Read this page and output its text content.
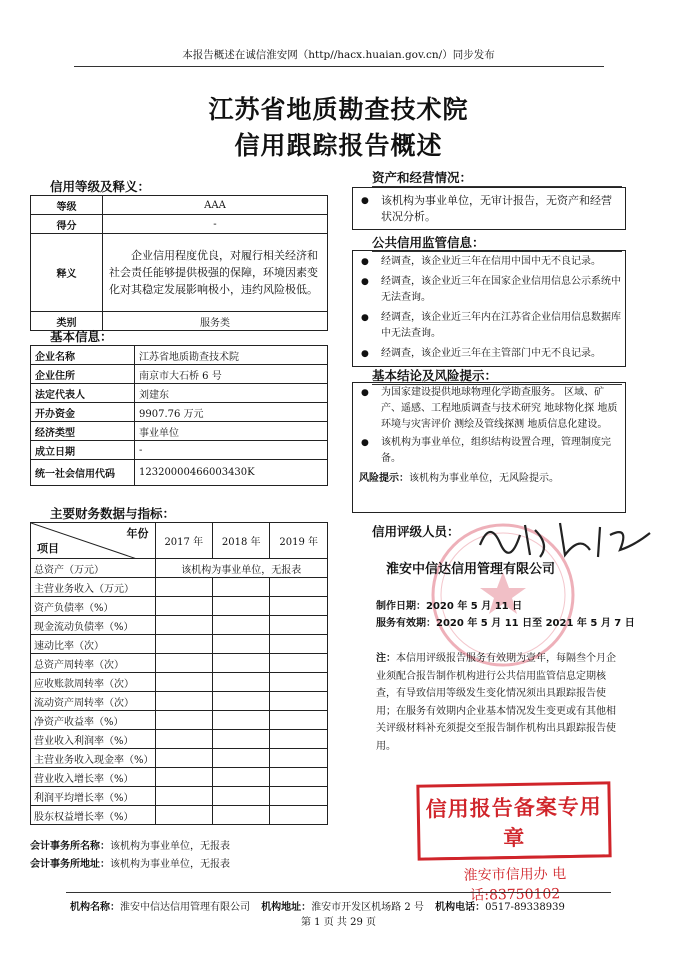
本报告概述在诚信淮安网（http//hacx.huaian.gov.cn/）同步发布
江苏省地质勘查技术院
信用跟踪报告概述
信用等级及释义：
等级	AAA
得分	-
释义	企业信用程度优良，对履行相关经济和社会责任能够提供极强的保障，环境因素变化对其稳定发展影响极小，违约风险极低。
类别	服务类
基本信息：
企业名称	江苏省地质勘查技术院
企业住所	南京市大石桥 6 号
法定代表人	刘建东
开办资金	9907.76 万元
经济类型	事业单位
成立日期	-
统一社会信用代码	12320000466003430K
主要财务数据与指标：
年份
项目	2017 年	2018 年	2019 年
总资产（万元）	该机构为事业单位，无报表		
主营业务收入（万元）			
资产负债率（%）			
现金流动负债率（%）			
速动比率（次）			
总资产周转率（次）			
应收账款周转率（次）			
流动资产周转率（次）			
净资产收益率（%）			
营业收入利润率（%）			
主营业务收入现金率（%）			
营业收入增长率（%）			
利润平均增长率（%）			
股东权益增长率（%）			
会计事务所名称：该机构为事业单位，无报表
会计事务所地址：该机构为事业单位，无报表
资产和经营情况：
● 该机构为事业单位，无审计报告，无资产和经营状况分析。
公共信用监管信息：
● 经调查，该企业近三年在信用中国中无不良记录。
● 经调查，该企业近三年在国家企业信用信息公示系统中无法查询。
● 经调查，该企业近三年内在江苏省企业信用信息数据库中无法查询。
● 经调查，该企业近三年在主管部门中无不良记录。
基本结论及风险提示：
● 为国家建设提供地球物理化学勘查服务。 区域、矿产、遥感、工程地质调查与技术研究 地球物化探 地质环境与灾害评价 测绘及管线探测 地质信息化建设。
● 该机构为事业单位，组织结构设置合理，管理制度完备。
风险提示：该机构为事业单位，无风险提示。
信用评级人员：
淮安中信达信用管理有限公司
制作日期：2020 年 5 月 11 日
服务有效期：2020 年 5 月 11 日至 2021 年 5 月 7 日
注：本信用评级报告服务有效期为壹年，每隔叁个月企业须配合报告制作机构进行公共信用监管信息定期核查，有导致信用等级发生变化情况须出具跟踪报告使用；在服务有效期内企业基本情况发生变更或有其他相关评级材料补充须提交至报告制作机构出具跟踪报告使用。
信用报告备案专用章
淮安市信用办 电话:83750102
机构名称：淮安中信达信用管理有限公司 机构地址：淮安市开发区机场路 2 号 机构电话：0517-89338939
第 1 页 共 29 页
